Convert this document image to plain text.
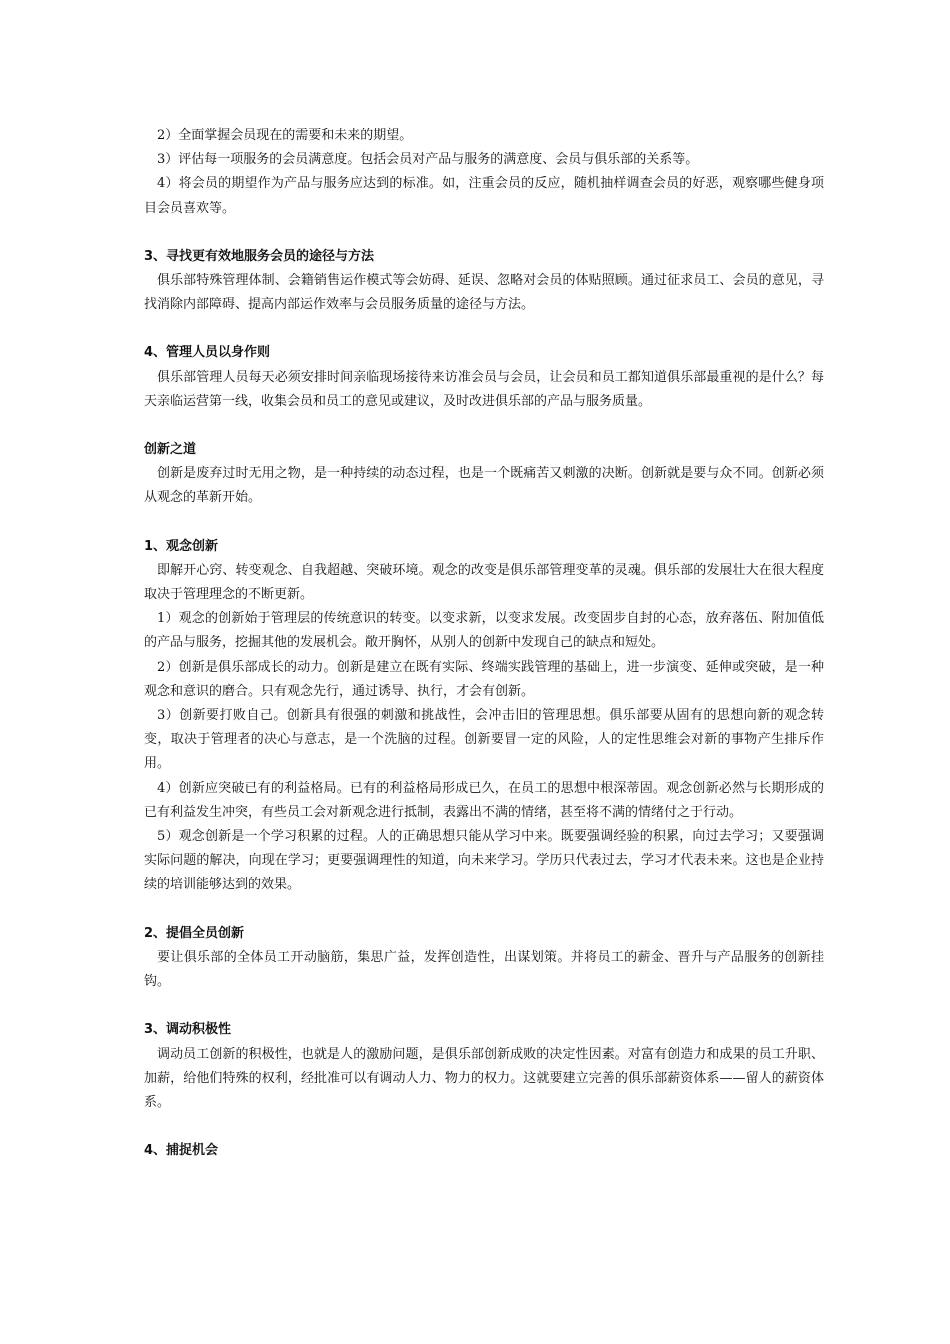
2）全面掌握会员现在的需要和未来的期望。

3）评估每一项服务的会员满意度。包括会员对产品与服务的满意度、会员与俱乐部的关系等。

4）将会员的期望作为产品与服务应达到的标准。如，注重会员的反应，随机抽样调查会员的好恶，观察哪些健身项目会员喜欢等。

3、寻找更有效地服务会员的途径与方法

俱乐部特殊管理体制、会籍销售运作模式等会妨碍、延误、忽略对会员的体贴照顾。通过征求员工、会员的意见，寻找消除内部障碍、提高内部运作效率与会员服务质量的途径与方法。

4、管理人员以身作则

俱乐部管理人员每天必须安排时间亲临现场接待来访准会员与会员，让会员和员工都知道俱乐部最重视的是什么？每天亲临运营第一线，收集会员和员工的意见或建议，及时改进俱乐部的产品与服务质量。

创新之道

创新是废弃过时无用之物，是一种持续的动态过程，也是一个既痛苦又刺激的决断。创新就是要与众不同。创新必须从观念的革新开始。

1、观念创新

即解开心窍、转变观念、自我超越、突破环境。观念的改变是俱乐部管理变革的灵魂。俱乐部的发展壮大在很大程度取决于管理理念的不断更新。

1）观念的创新始于管理层的传统意识的转变。以变求新，以变求发展。改变固步自封的心态，放弃落伍、附加值低的产品与服务，挖掘其他的发展机会。敞开胸怀，从别人的创新中发现自己的缺点和短处。

2）创新是俱乐部成长的动力。创新是建立在既有实际、终端实践管理的基础上，进一步演变、延伸或突破，是一种观念和意识的磨合。只有观念先行，通过诱导、执行，才会有创新。

3）创新要打败自己。创新具有很强的刺激和挑战性，会冲击旧的管理思想。俱乐部要从固有的思想向新的观念转变，取决于管理者的决心与意志，是一个洗脑的过程。创新要冒一定的风险，人的定性思维会对新的事物产生排斥作用。

4）创新应突破已有的利益格局。已有的利益格局形成已久，在员工的思想中根深蒂固。观念创新必然与长期形成的已有利益发生冲突，有些员工会对新观念进行抵制，表露出不满的情绪，甚至将不满的情绪付之于行动。

5）观念创新是一个学习积累的过程。人的正确思想只能从学习中来。既要强调经验的积累，向过去学习；又要强调实际问题的解决，向现在学习；更要强调理性的知道，向未来学习。学历只代表过去，学习才代表未来。这也是企业持续的培训能够达到的效果。

2、提倡全员创新

要让俱乐部的全体员工开动脑筋，集思广益，发挥创造性，出谋划策。并将员工的薪金、晋升与产品服务的创新挂钩。

3、调动积极性

调动员工创新的积极性，也就是人的激励问题，是俱乐部创新成败的决定性因素。对富有创造力和成果的员工升职、加薪，给他们特殊的权利，经批准可以有调动人力、物力的权力。这就要建立完善的俱乐部薪资体系——留人的薪资体系。

4、捕捉机会
